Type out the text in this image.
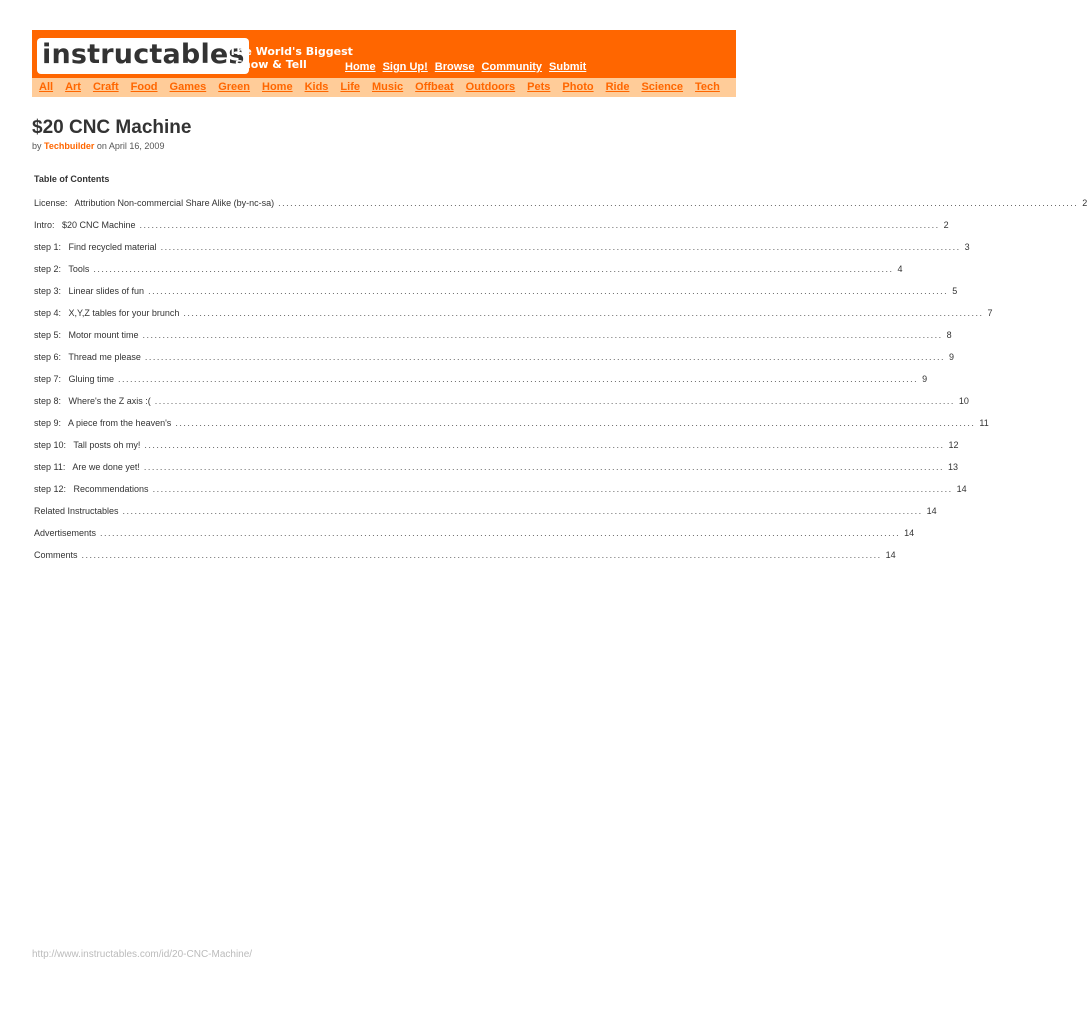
instructables
The World's Biggest
Show & Tell	Home Sign Up! Browse Community Submit
All Art Craft Food Games Green Home Kids Life Music Offbeat Outdoors Pets Photo Ride Science Tech
$20 CNC Machine
by Techbuilder on April 16, 2009
Table of Contents
License:   Attribution Non-commercial Share Alike (by-nc-sa) ........................................................................................................................................................................................................ 2
Intro:   $20 CNC Machine ........................................................................................................................................................................................................ 2
step 1:   Find recycled material ........................................................................................................................................................................................................ 3
step 2:   Tools ........................................................................................................................................................................................................ 4
step 3:   Linear slides of fun ........................................................................................................................................................................................................ 5
step 4:   X,Y,Z tables for your brunch ........................................................................................................................................................................................................ 7
step 5:   Motor mount time ........................................................................................................................................................................................................ 8
step 6:   Thread me please ........................................................................................................................................................................................................ 9
step 7:   Gluing time ........................................................................................................................................................................................................ 9
step 8:   Where's the Z axis :( ........................................................................................................................................................................................................ 10
step 9:   A piece from the heaven's ........................................................................................................................................................................................................ 11
step 10:   Tall posts oh my! ........................................................................................................................................................................................................ 12
step 11:   Are we done yet! ........................................................................................................................................................................................................ 13
step 12:   Recommendations ........................................................................................................................................................................................................ 14
Related Instructables ........................................................................................................................................................................................................ 14
Advertisements ........................................................................................................................................................................................................ 14
Comments ........................................................................................................................................................................................................ 14
http://www.instructables.com/id/20-CNC-Machine/
